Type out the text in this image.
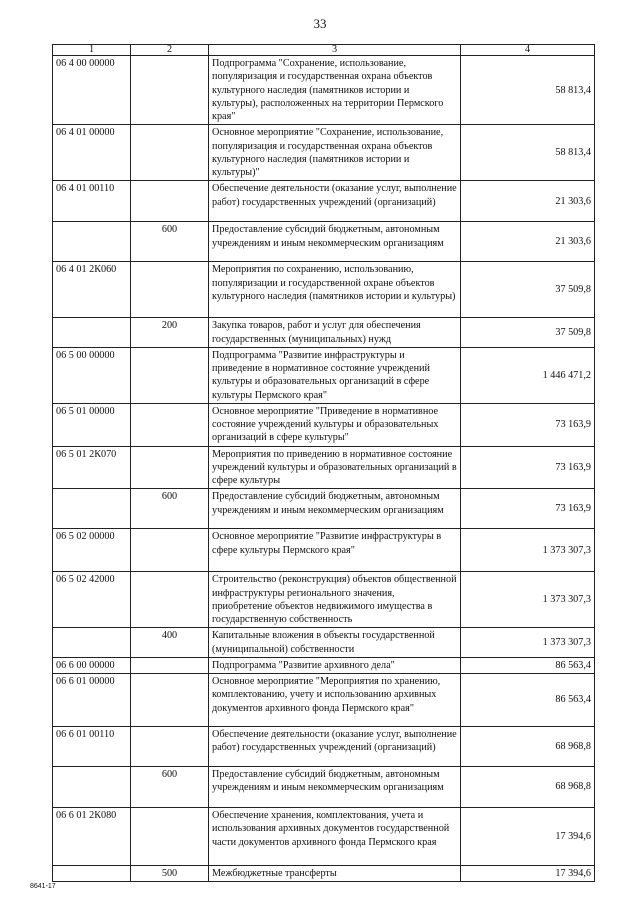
33
1	2	3	4
06 4 00 00000		Подпрограмма "Сохранение, использование, популяризация и государственная охрана объектов культурного наследия (памятников истории и культуры), расположенных на территории Пермского края"	58 813,4
06 4 01 00000		Основное мероприятие "Сохранение, использование, популяризация и государственная охрана объектов культурного наследия (памятников истории и культуры)"	58 813,4
06 4 01 00110		Обеспечение деятельности (оказание услуг, выполнение работ) государственных учреждений (организаций)	21 303,6
	600	Предоставление субсидий бюджетным, автономным учреждениям и иным некоммерческим организациям	21 303,6
06 4 01 2К060		Мероприятия по сохранению, использованию, популяризации и государственной охране объектов культурного наследия (памятников истории и культуры)	37 509,8
	200	Закупка товаров, работ и услуг для обеспечения государственных (муниципальных) нужд	37 509,8
06 5 00 00000		Подпрограмма "Развитие инфраструктуры и приведение в нормативное состояние учреждений культуры и образовательных организаций в сфере культуры Пермского края"	1 446 471,2
06 5 01 00000		Основное мероприятие "Приведение в нормативное состояние учреждений культуры и образовательных организаций в сфере культуры"	73 163,9
06 5 01 2К070		Мероприятия по приведению в нормативное состояние учреждений культуры и образовательных организаций в сфере культуры	73 163,9
	600	Предоставление субсидий бюджетным, автономным учреждениям и иным некоммерческим организациям	73 163,9
06 5 02 00000		Основное мероприятие "Развитие инфраструктуры в сфере культуры Пермского края"	1 373 307,3
06 5 02 42000		Строительство (реконструкция) объектов общественной инфраструктуры регионального значения, приобретение объектов недвижимого имущества в государственную собственность	1 373 307,3
	400	Капитальные вложения в объекты государственной (муниципальной) собственности	1 373 307,3
06 6 00 00000		Подпрограмма "Развитие архивного дела"	86 563,4
06 6 01 00000		Основное мероприятие "Мероприятия по хранению, комплектованию, учету и использованию архивных документов архивного фонда Пермского края"	86 563,4
06 6 01 00110		Обеспечение деятельности (оказание услуг, выполнение работ) государственных учреждений (организаций)	68 968,8
	600	Предоставление субсидий бюджетным, автономным учреждениям и иным некоммерческим организациям	68 968,8
06 6 01 2К080		Обеспечение хранения, комплектования, учета и использования архивных документов государственной части документов архивного фонда Пермского края	17 394,6
	500	Межбюджетные трансферты	17 394,6
8641-17
